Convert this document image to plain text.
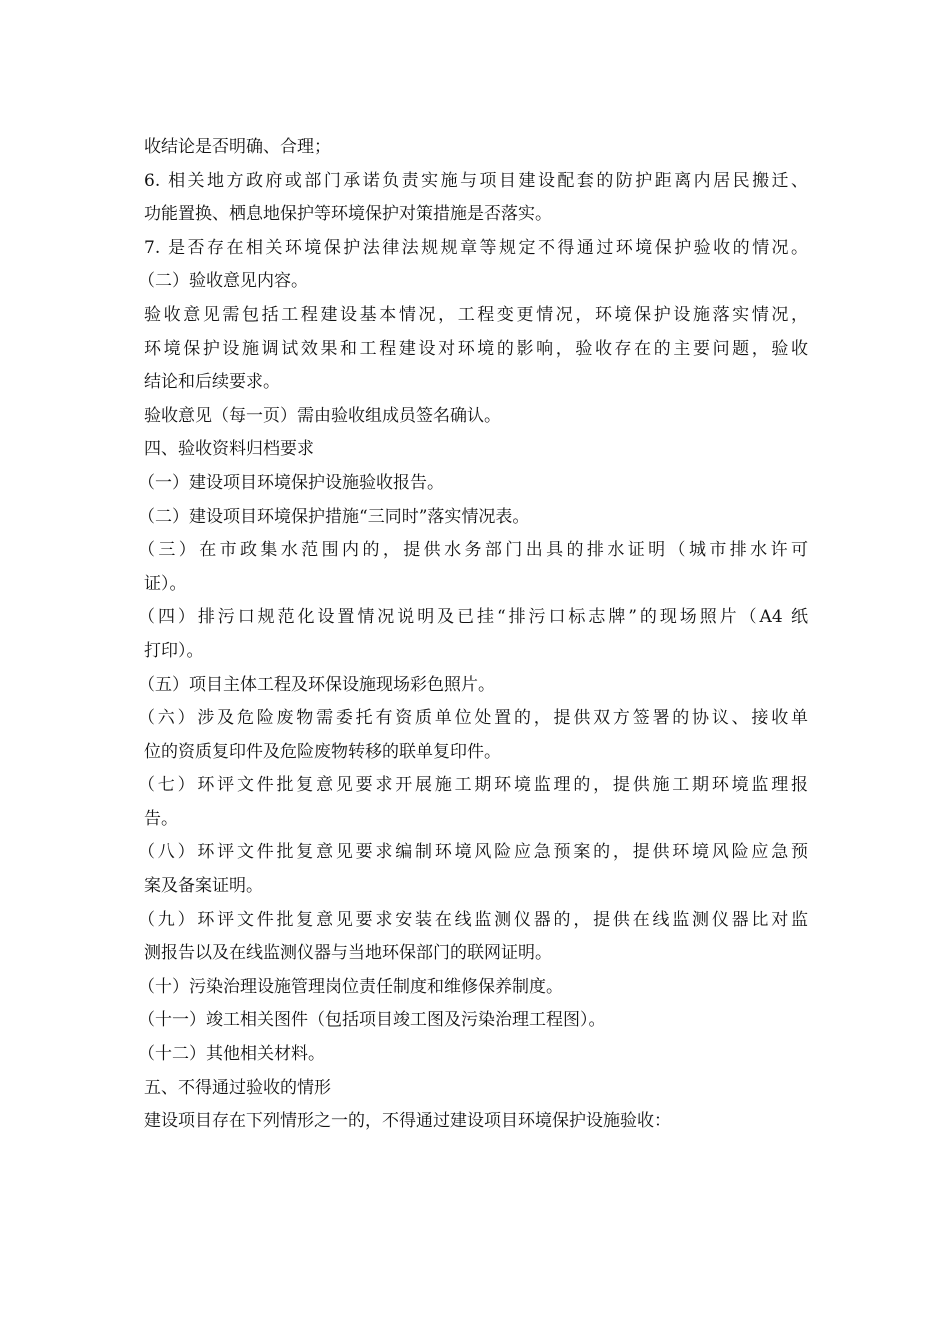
收结论是否明确、合理；
6. 相关地方政府或部门承诺负责实施与项目建设配套的防护距离内居民搬迁、
功能置换、栖息地保护等环境保护对策措施是否落实。
7. 是否存在相关环境保护法律法规规章等规定不得通过环境保护验收的情况。
（二）验收意见内容。
验收意见需包括工程建设基本情况，工程变更情况，环境保护设施落实情况，
环境保护设施调试效果和工程建设对环境的影响，验收存在的主要问题，验收
结论和后续要求。
验收意见（每一页）需由验收组成员签名确认。
四、验收资料归档要求
（一）建设项目环境保护设施验收报告。
（二）建设项目环境保护措施“三同时”落实情况表。
（三）在市政集水范围内的，提供水务部门出具的排水证明（城市排水许可
证）。
（四）排污口规范化设置情况说明及已挂“排污口标志牌”的现场照片（A4 纸
打印）。
（五）项目主体工程及环保设施现场彩色照片。
（六）涉及危险废物需委托有资质单位处置的，提供双方签署的协议、接收单
位的资质复印件及危险废物转移的联单复印件。
（七）环评文件批复意见要求开展施工期环境监理的，提供施工期环境监理报
告。
（八）环评文件批复意见要求编制环境风险应急预案的，提供环境风险应急预
案及备案证明。
（九）环评文件批复意见要求安装在线监测仪器的，提供在线监测仪器比对监
测报告以及在线监测仪器与当地环保部门的联网证明。
（十）污染治理设施管理岗位责任制度和维修保养制度。
（十一）竣工相关图件（包括项目竣工图及污染治理工程图）。
（十二）其他相关材料。
五、不得通过验收的情形
建设项目存在下列情形之一的，不得通过建设项目环境保护设施验收：
